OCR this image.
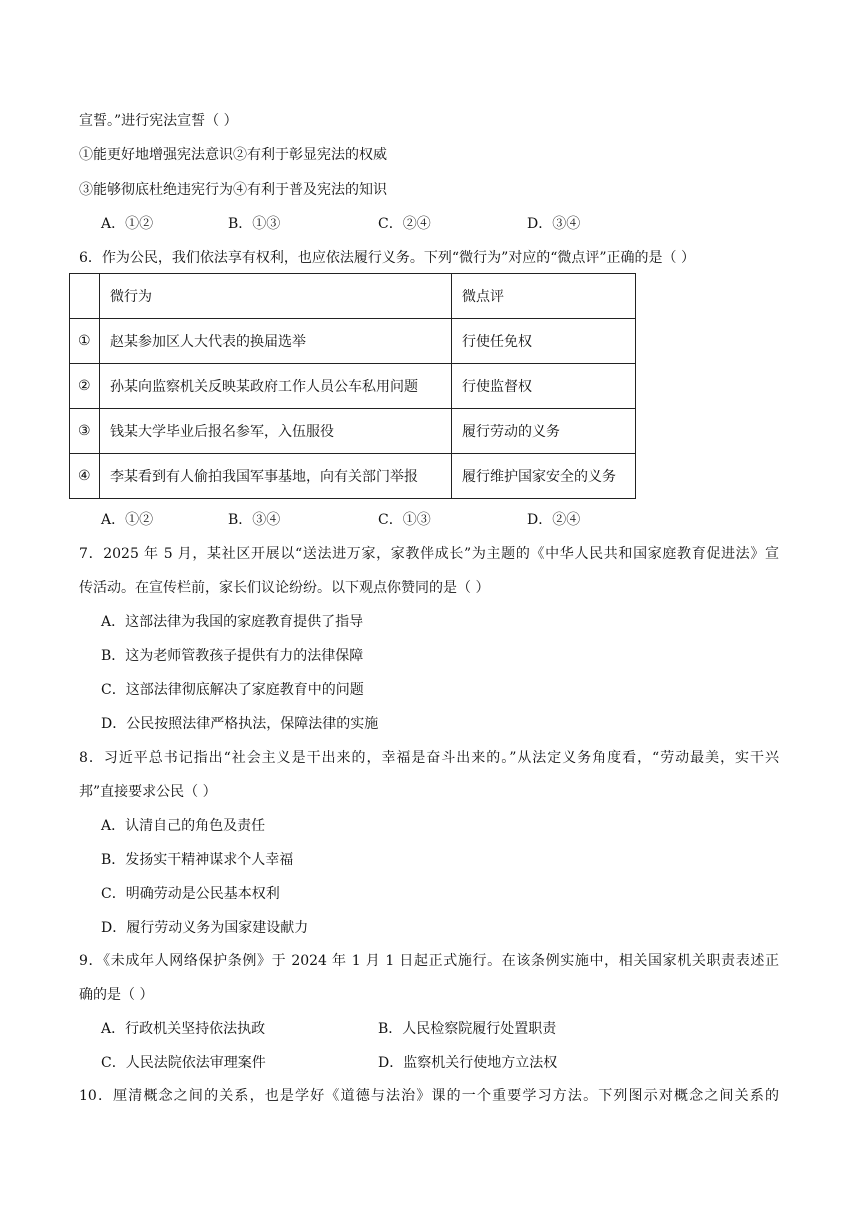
宣誓。”进行宪法宣誓（ ）
①能更好地增强宪法意识②有利于彰显宪法的权威
③能够彻底杜绝违宪行为④有利于普及宪法的知识
A．①②	B．①③	C．②④	D．③④
6．作为公民，我们依法享有权利，也应依法履行义务。下列“微行为”对应的“微点评”正确的是（ ）
	微行为	微点评
①	赵某参加区人大代表的换届选举	行使任免权
②	孙某向监察机关反映某政府工作人员公车私用问题	行使监督权
③	钱某大学毕业后报名参军，入伍服役	履行劳动的义务
④	李某看到有人偷拍我国军事基地，向有关部门举报	履行维护国家安全的义务
A．①②	B．③④	C．①③	D．②④
7．2025 年 5 月，某社区开展以“送法进万家，家教伴成长”为主题的《中华人民共和国家庭教育促进法》宣
传活动。在宣传栏前，家长们议论纷纷。以下观点你赞同的是（ ）
A．这部法律为我国的家庭教育提供了指导
B．这为老师管教孩子提供有力的法律保障
C．这部法律彻底解决了家庭教育中的问题
D．公民按照法律严格执法，保障法律的实施
8．习近平总书记指出“社会主义是干出来的，幸福是奋斗出来的。”从法定义务角度看，“劳动最美，实干兴
邦”直接要求公民（ ）
A．认清自己的角色及责任
B．发扬实干精神谋求个人幸福
C．明确劳动是公民基本权利
D．履行劳动义务为国家建设献力
9．《未成年人网络保护条例》于 2024 年 1 月 1 日起正式施行。在该条例实施中，相关国家机关职责表述正
确的是（ ）
A．行政机关坚持依法执政	B．人民检察院履行处置职责
C．人民法院依法审理案件	D．监察机关行使地方立法权
10．厘清概念之间的关系，也是学好《道德与法治》课的一个重要学习方法。下列图示对概念之间关系的
